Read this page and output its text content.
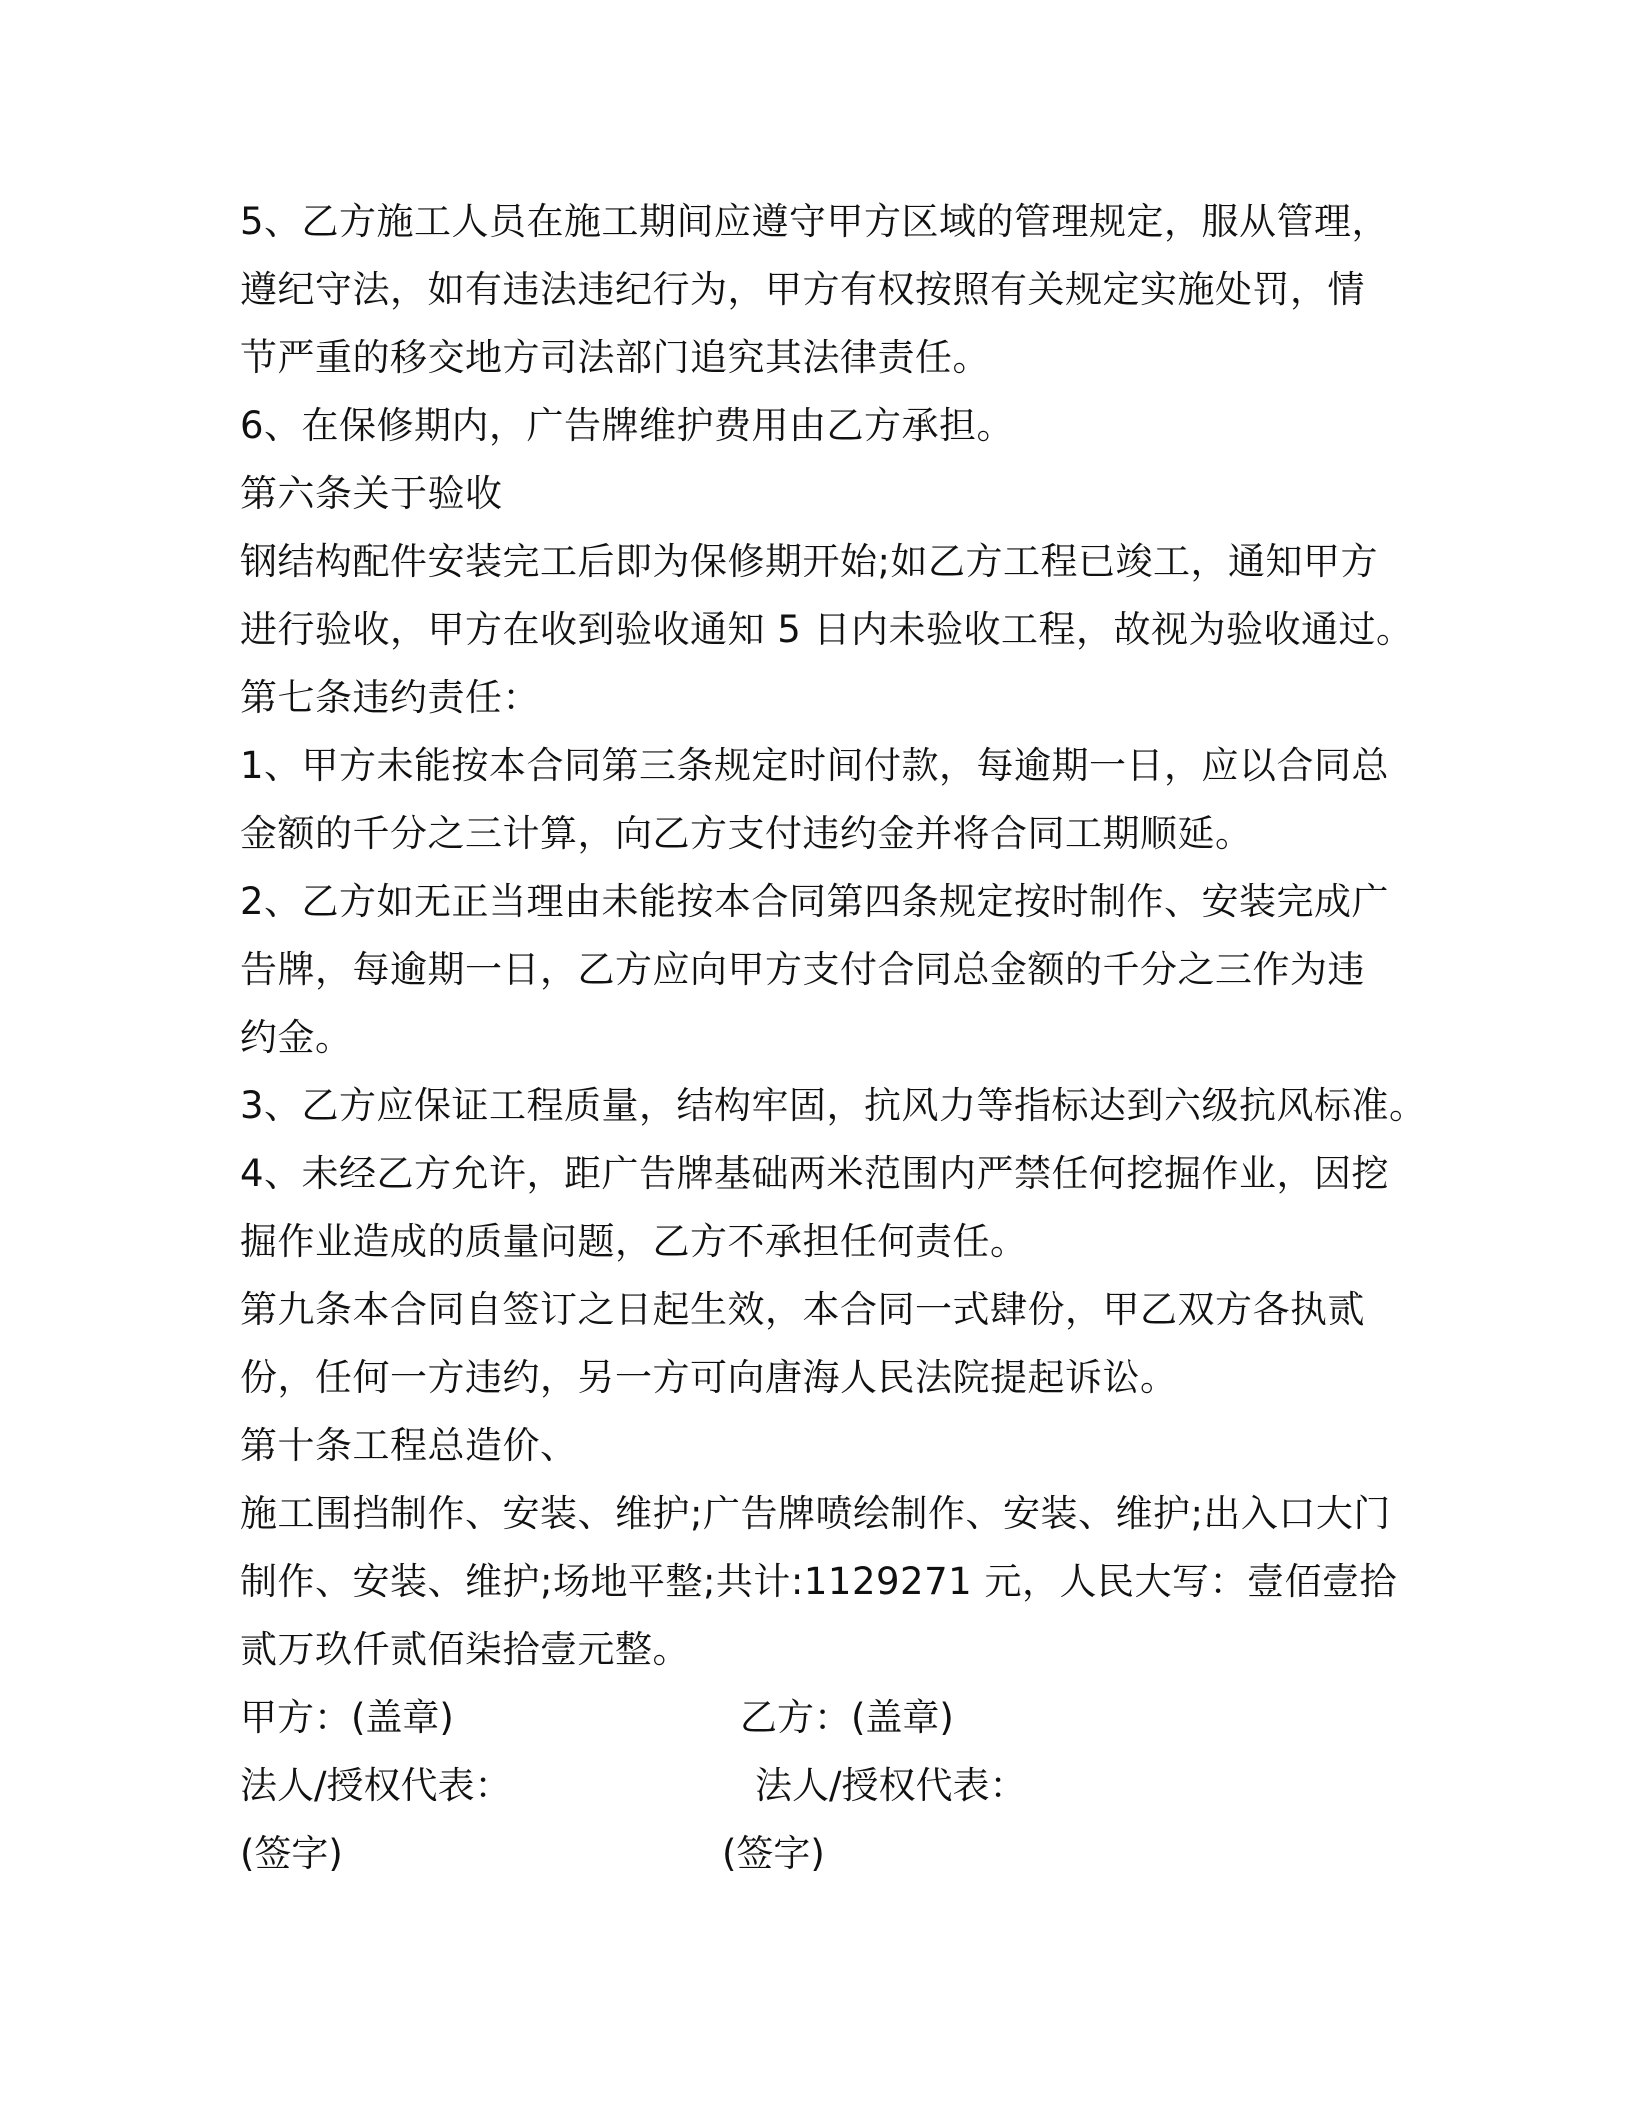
5、乙方施工人员在施工期间应遵守甲方区域的管理规定，服从管理，
遵纪守法，如有违法违纪行为，甲方有权按照有关规定实施处罚，情
节严重的移交地方司法部门追究其法律责任。
6、在保修期内，广告牌维护费用由乙方承担。
第六条关于验收
钢结构配件安装完工后即为保修期开始;如乙方工程已竣工，通知甲方
进行验收，甲方在收到验收通知 5 日内未验收工程，故视为验收通过。
第七条违约责任：
1、甲方未能按本合同第三条规定时间付款，每逾期一日，应以合同总
金额的千分之三计算，向乙方支付违约金并将合同工期顺延。
2、乙方如无正当理由未能按本合同第四条规定按时制作、安装完成广
告牌，每逾期一日，乙方应向甲方支付合同总金额的千分之三作为违
约金。
3、乙方应保证工程质量，结构牢固，抗风力等指标达到六级抗风标准。
4、未经乙方允许，距广告牌基础两米范围内严禁任何挖掘作业，因挖
掘作业造成的质量问题，乙方不承担任何责任。
第九条本合同自签订之日起生效，本合同一式肆份，甲乙双方各执贰
份，任何一方违约，另一方可向唐海人民法院提起诉讼。
第十条工程总造价、
施工围挡制作、安装、维护;广告牌喷绘制作、安装、维护;出入口大门
制作、安装、维护;场地平整;共计:1129271 元，人民大写：壹佰壹拾
贰万玖仟贰佰柒拾壹元整。
甲方：(盖章)	乙方：(盖章)
法人/授权代表：	法人/授权代表：
(签字)	(签字)
